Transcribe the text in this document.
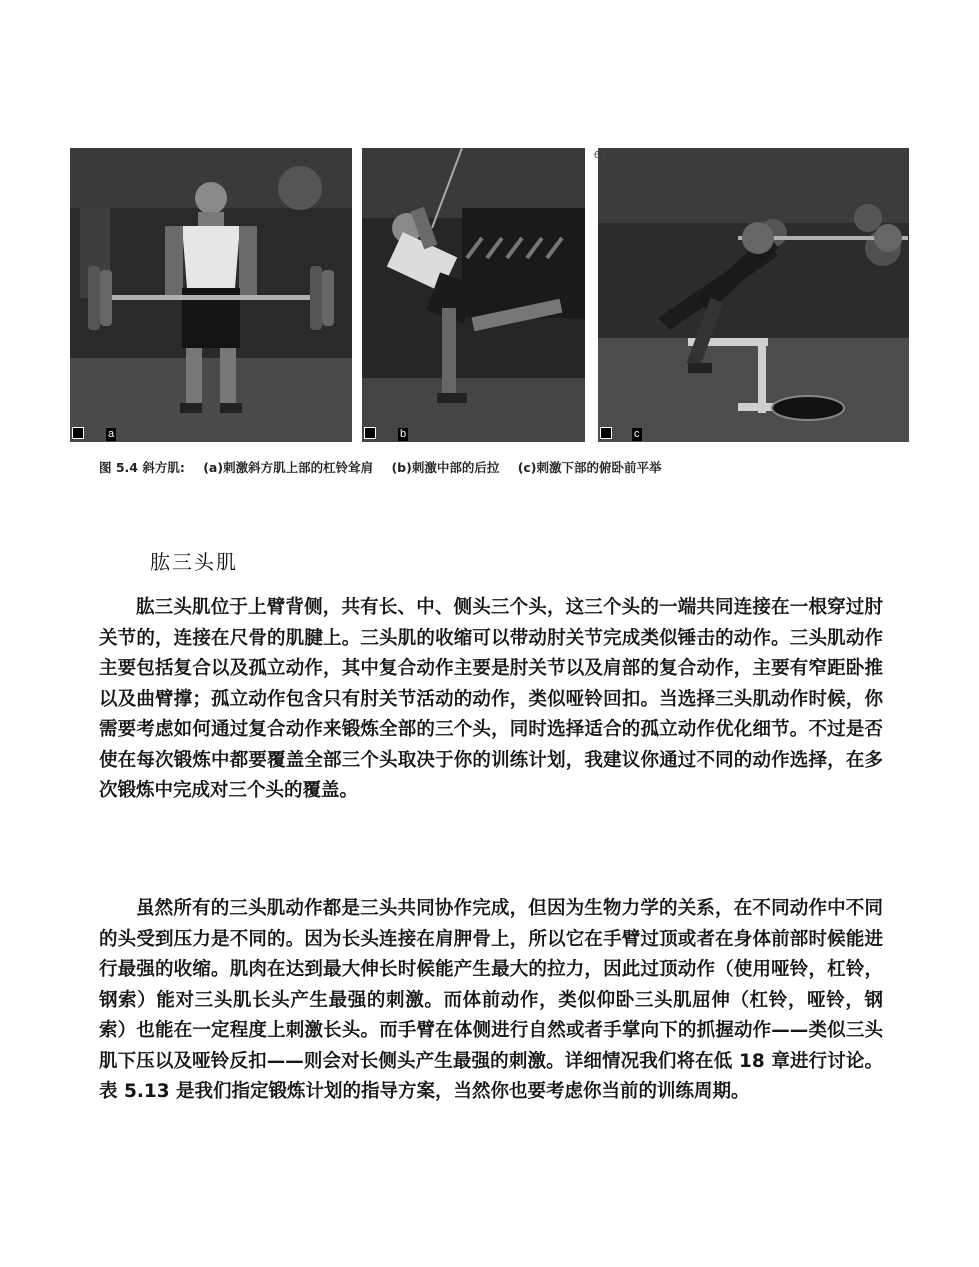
a	b	c
6 E
图 5.4 斜方肌: (a)刺激斜方肌上部的杠铃耸肩 (b)刺激中部的后拉 (c)刺激下部的俯卧前平举
肱三头肌

肱三头肌位于上臂背侧，共有长、中、侧头三个头，这三个头的一端共同连接在一根穿过肘关节的，连接在尺骨的肌腱上。三头肌的收缩可以带动肘关节完成类似锤击的动作。三头肌动作主要包括复合以及孤立动作，其中复合动作主要是肘关节以及肩部的复合动作，主要有窄距卧推以及曲臂撑；孤立动作包含只有肘关节活动的动作，类似哑铃回扣。当选择三头肌动作时候，你需要考虑如何通过复合动作来锻炼全部的三个头，同时选择适合的孤立动作优化细节。不过是否使在每次锻炼中都要覆盖全部三个头取决于你的训练计划，我建议你通过不同的动作选择，在多次锻炼中完成对三个头的覆盖。

虽然所有的三头肌动作都是三头共同协作完成，但因为生物力学的关系，在不同动作中不同的头受到压力是不同的。因为长头连接在肩胛骨上，所以它在手臂过顶或者在身体前部时候能进行最强的收缩。肌肉在达到最大伸长时候能产生最大的拉力，因此过顶动作（使用哑铃，杠铃，钢索）能对三头肌长头产生最强的刺激。而体前动作，类似仰卧三头肌屈伸（杠铃，哑铃，钢索）也能在一定程度上刺激长头。而手臂在体侧进行自然或者手掌向下的抓握动作——类似三头肌下压以及哑铃反扣——则会对长侧头产生最强的刺激。详细情况我们将在低 18 章进行讨论。表 5.13 是我们指定锻炼计划的指导方案，当然你也要考虑你当前的训练周期。
